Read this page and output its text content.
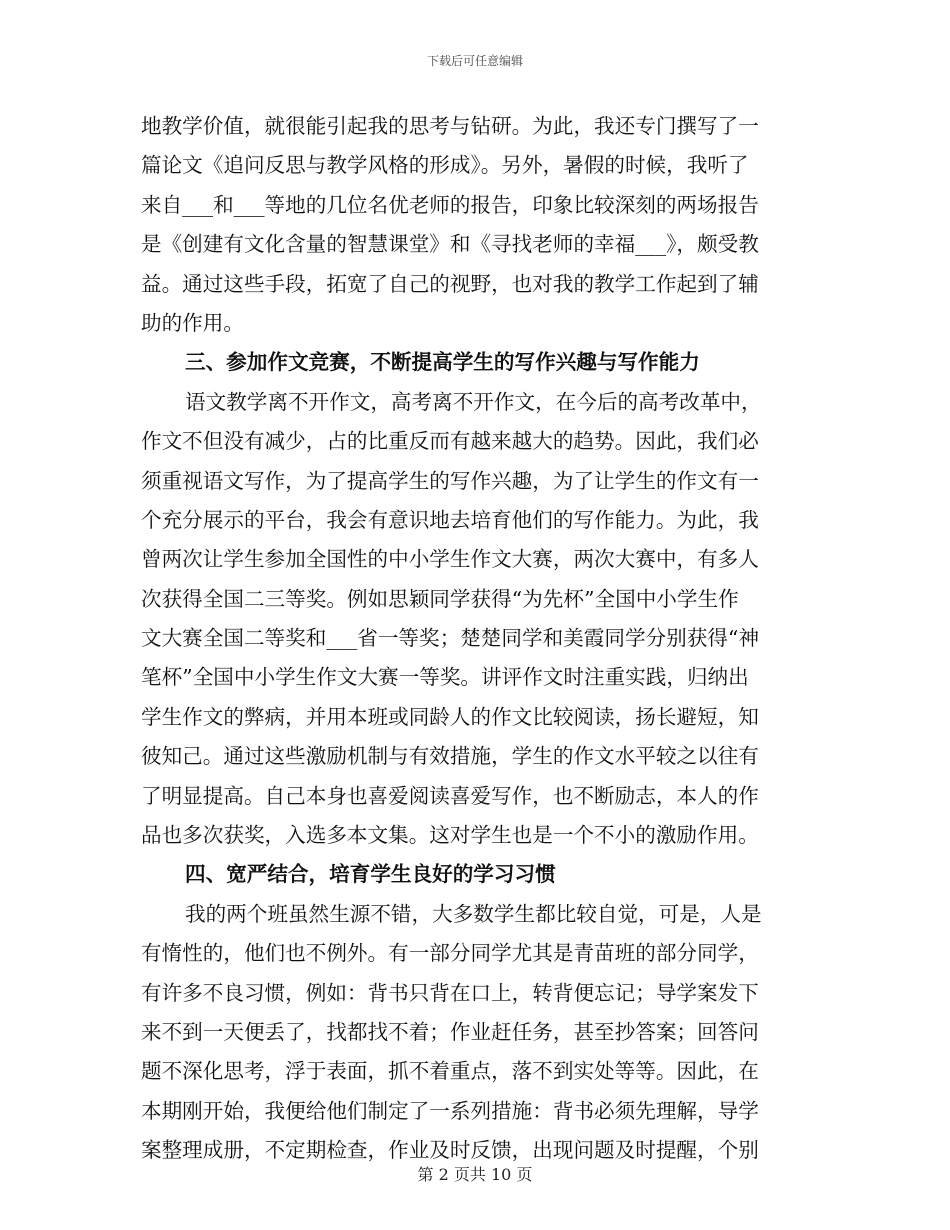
下载后可任意编辑
地教学价值，就很能引起我的思考与钻研。为此，我还专门撰写了一
篇论文《追问反思与教学风格的形成》。另外，暑假的时候，我听了
来自___和___等地的几位名优老师的报告，印象比较深刻的两场报告
是《创建有文化含量的智慧课堂》和《寻找老师的幸福___》，颇受教
益。通过这些手段，拓宽了自己的视野，也对我的教学工作起到了辅
助的作用。
三、参加作文竞赛，不断提高学生的写作兴趣与写作能力
语文教学离不开作文，高考离不开作文，在今后的高考改革中，
作文不但没有减少，占的比重反而有越来越大的趋势。因此，我们必
须重视语文写作，为了提高学生的写作兴趣，为了让学生的作文有一
个充分展示的平台，我会有意识地去培育他们的写作能力。为此，我
曾两次让学生参加全国性的中小学生作文大赛，两次大赛中，有多人
次获得全国二三等奖。例如思颖同学获得“为先杯”全国中小学生作
文大赛全国二等奖和___省一等奖；楚楚同学和美霞同学分别获得“神
笔杯”全国中小学生作文大赛一等奖。讲评作文时注重实践，归纳出
学生作文的弊病，并用本班或同龄人的作文比较阅读，扬长避短，知
彼知己。通过这些激励机制与有效措施，学生的作文水平较之以往有
了明显提高。自己本身也喜爱阅读喜爱写作，也不断励志，本人的作
品也多次获奖，入选多本文集。这对学生也是一个不小的激励作用。
四、宽严结合，培育学生良好的学习习惯
我的两个班虽然生源不错，大多数学生都比较自觉，可是，人是
有惰性的，他们也不例外。有一部分同学尤其是青苗班的部分同学，
有许多不良习惯，例如：背书只背在口上，转背便忘记；导学案发下
来不到一天便丢了，找都找不着；作业赶任务，甚至抄答案；回答问
题不深化思考，浮于表面，抓不着重点，落不到实处等等。因此，在
本期刚开始，我便给他们制定了一系列措施：背书必须先理解，导学
案整理成册，不定期检查，作业及时反馈，出现问题及时提醒，个别
第 2 页共 10 页
